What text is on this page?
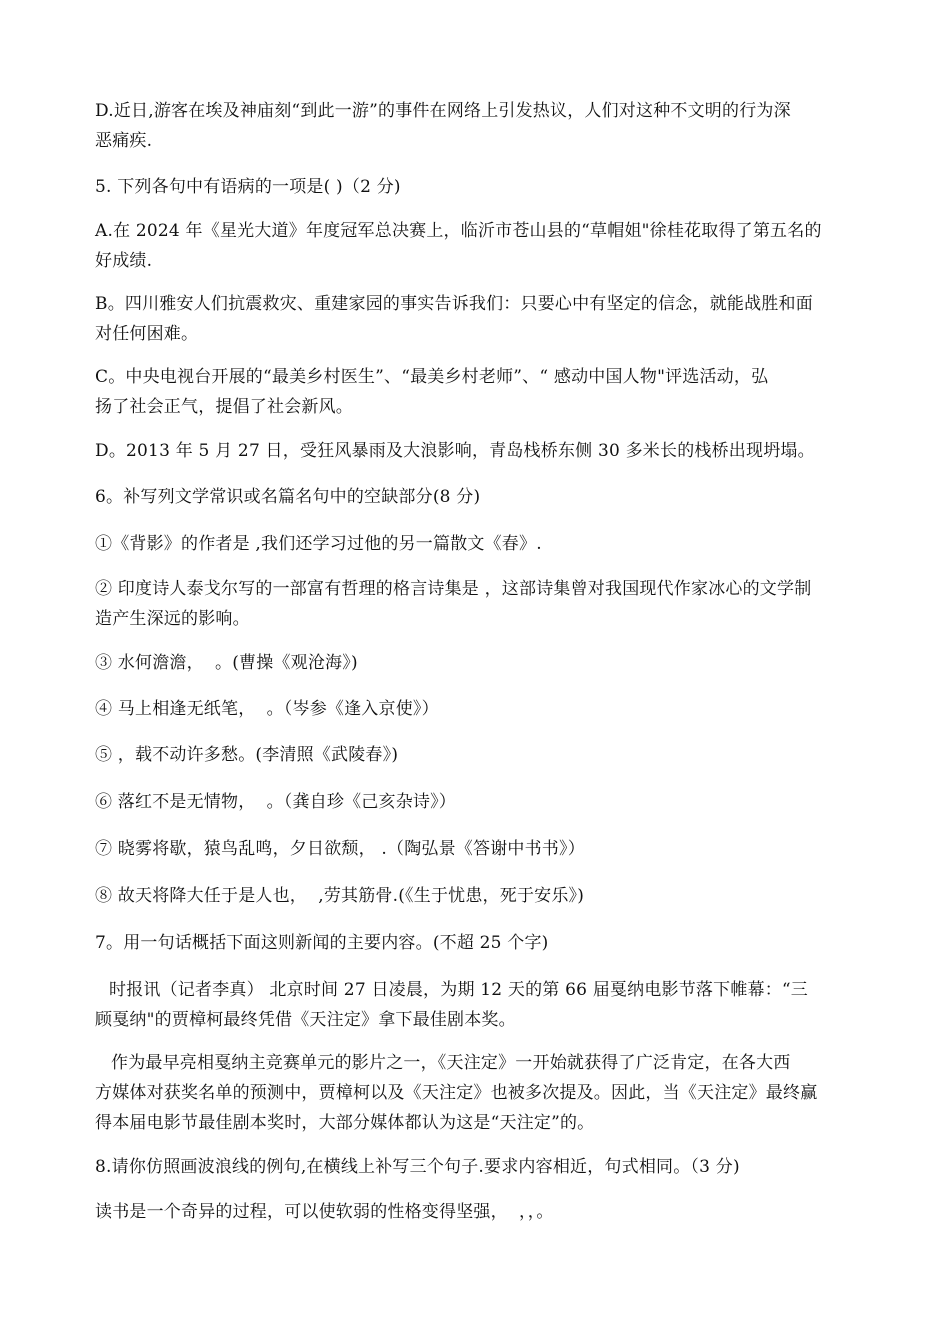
D.近日,游客在埃及神庙刻“到此一游”的事件在网络上引发热议，人们对这种不文明的行为深
恶痛疾.
5. 下列各句中有语病的一项是( )（2 分)
A.在 2024 年《星光大道》年度冠军总决赛上，临沂市苍山县的“草帽姐"徐桂花取得了第五名的
好成绩.
B。四川雅安人们抗震救灾、重建家园的事实告诉我们：只要心中有坚定的信念，就能战胜和面
对任何困难。
C。中央电视台开展的“最美乡村医生”、“最美乡村老师”、“ 感动中国人物"评选活动，弘
扬了社会正气，提倡了社会新风。
D。2013 年 5 月 27 日，受狂风暴雨及大浪影响，青岛栈桥东侧 30 多米长的栈桥出现坍塌。
6。补写列文学常识或名篇名句中的空缺部分(8 分)
①《背影》的作者是 ,我们还学习过他的另一篇散文《春》.
② 印度诗人泰戈尔写的一部富有哲理的格言诗集是 ，这部诗集曾对我国现代作家冰心的文学制
造产生深远的影响。
③ 水何澹澹，  。(曹操《观沧海》)
④ 马上相逢无纸笔，  。（岑参《逢入京使》）
⑤ ，载不动许多愁。(李清照《武陵春》)
⑥ 落红不是无情物，  。（龚自珍《己亥杂诗》）
⑦ 晓雾将歇，猿鸟乱鸣，夕日欲颓， .（陶弘景《答谢中书书》）
⑧ 故天将降大任于是人也，  ,劳其筋骨.(《生于忧患，死于安乐》)
7。用一句话概括下面这则新闻的主要内容。(不超 25 个字)
时报讯（记者李真） 北京时间 27 日凌晨，为期 12 天的第 66 届戛纳电影节落下帷幕：“三
顾戛纳"的贾樟柯最终凭借《天注定》拿下最佳剧本奖。
作为最早亮相戛纳主竞赛单元的影片之一，《天注定》一开始就获得了广泛肯定，在各大西
方媒体对获奖名单的预测中，贾樟柯以及《天注定》也被多次提及。因此，当《天注定》最终赢
得本届电影节最佳剧本奖时，大部分媒体都认为这是“天注定”的。
8.请你仿照画波浪线的例句,在横线上补写三个句子.要求内容相近，句式相同。（3 分)
读书是一个奇异的过程，可以使软弱的性格变得坚强，  ，，。
